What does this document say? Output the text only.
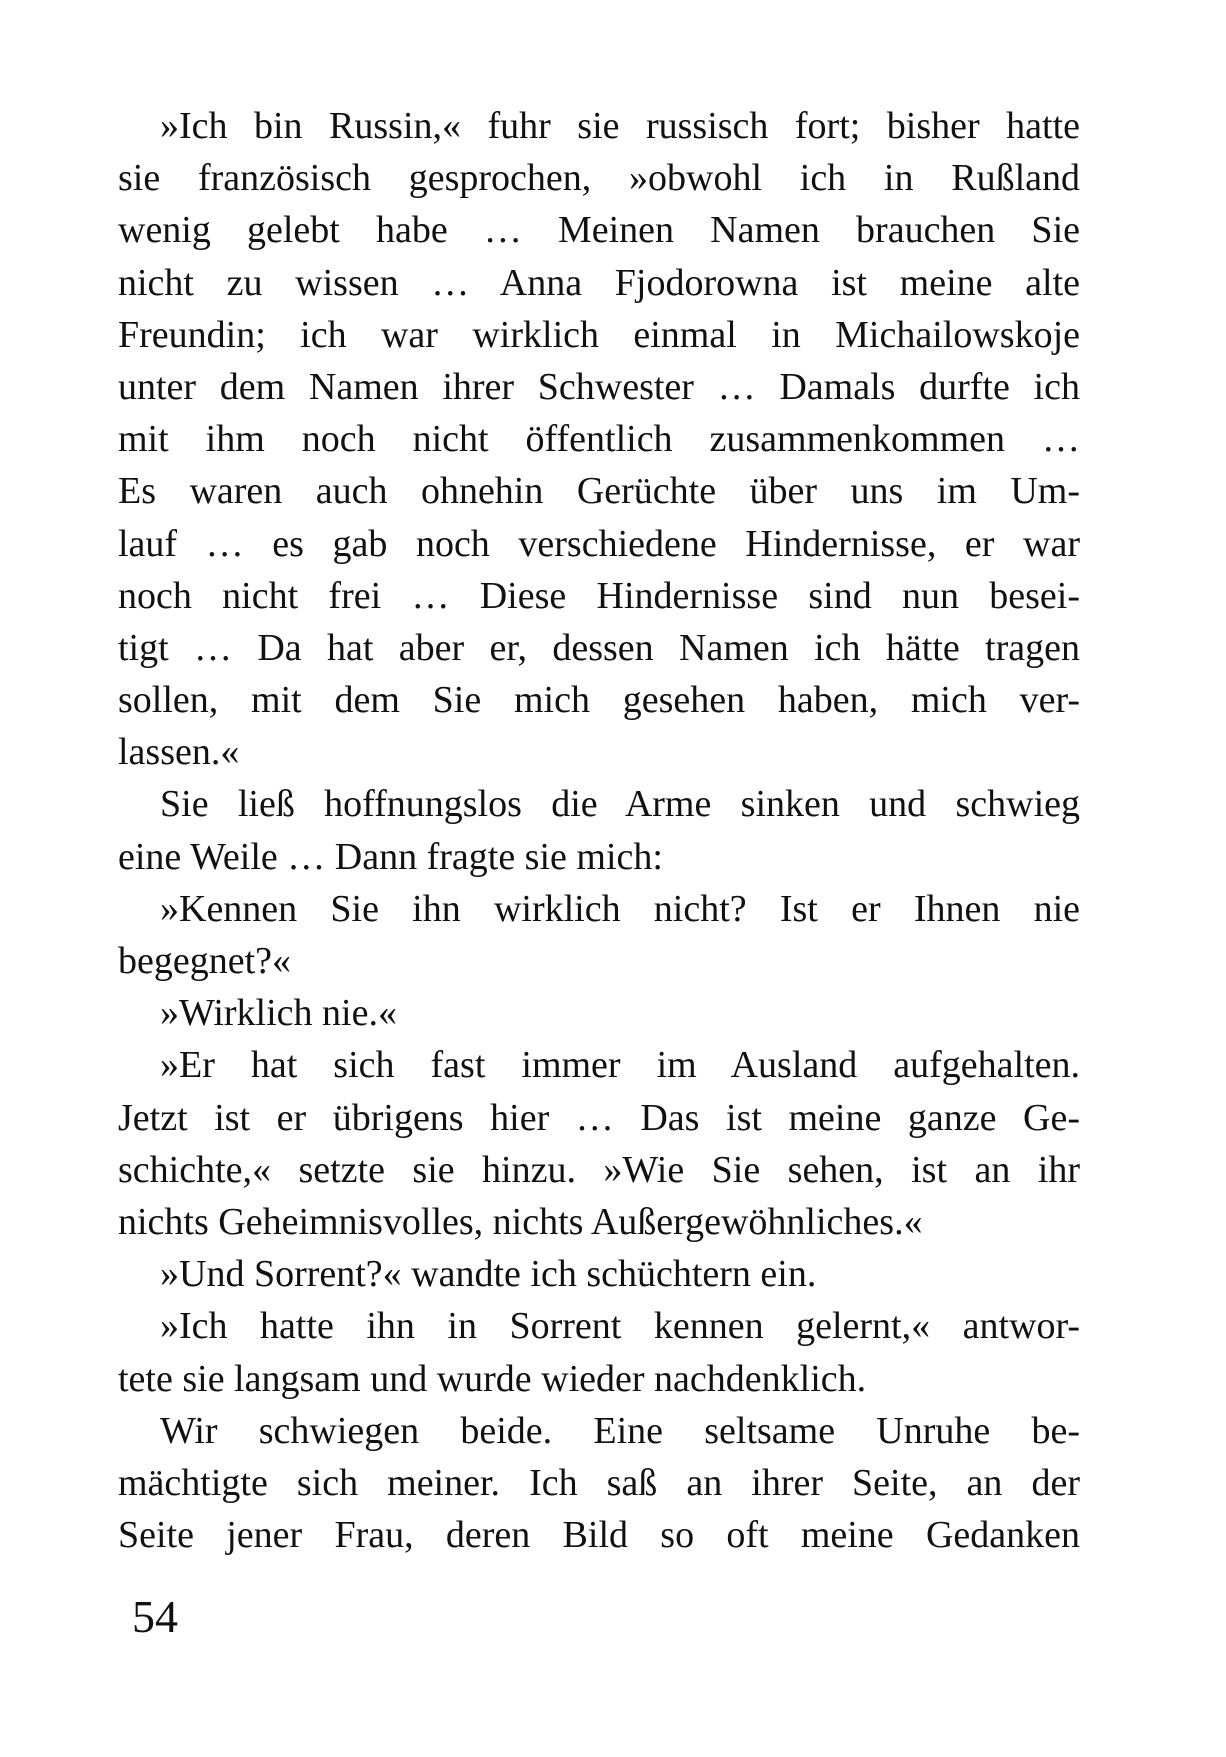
»Ich bin Russin,« fuhr sie russisch fort; bisher hatte
sie französisch gesprochen, »obwohl ich in Rußland
wenig gelebt habe … Meinen Namen brauchen Sie
nicht zu wissen … Anna Fjodorowna ist meine alte
Freundin; ich war wirklich einmal in Michailowskoje
unter dem Namen ihrer Schwester … Damals durfte ich
mit ihm noch nicht öffentlich zusammenkommen …
Es waren auch ohnehin Gerüchte über uns im Um-
lauf … es gab noch verschiedene Hindernisse, er war
noch nicht frei … Diese Hindernisse sind nun besei-
tigt … Da hat aber er, dessen Namen ich hätte tragen
sollen, mit dem Sie mich gesehen haben, mich ver-
lassen.«
Sie ließ hoffnungslos die Arme sinken und schwieg
eine Weile … Dann fragte sie mich:
»Kennen Sie ihn wirklich nicht? Ist er Ihnen nie
begegnet?«
»Wirklich nie.«
»Er hat sich fast immer im Ausland aufgehalten.
Jetzt ist er übrigens hier … Das ist meine ganze Ge-
schichte,« setzte sie hinzu. »Wie Sie sehen, ist an ihr
nichts Geheimnisvolles, nichts Außergewöhnliches.«
»Und Sorrent?« wandte ich schüchtern ein.
»Ich hatte ihn in Sorrent kennen gelernt,« antwor-
tete sie langsam und wurde wieder nachdenklich.
Wir schwiegen beide. Eine seltsame Unruhe be-
mächtigte sich meiner. Ich saß an ihrer Seite, an der
Seite jener Frau, deren Bild so oft meine Gedanken
54
